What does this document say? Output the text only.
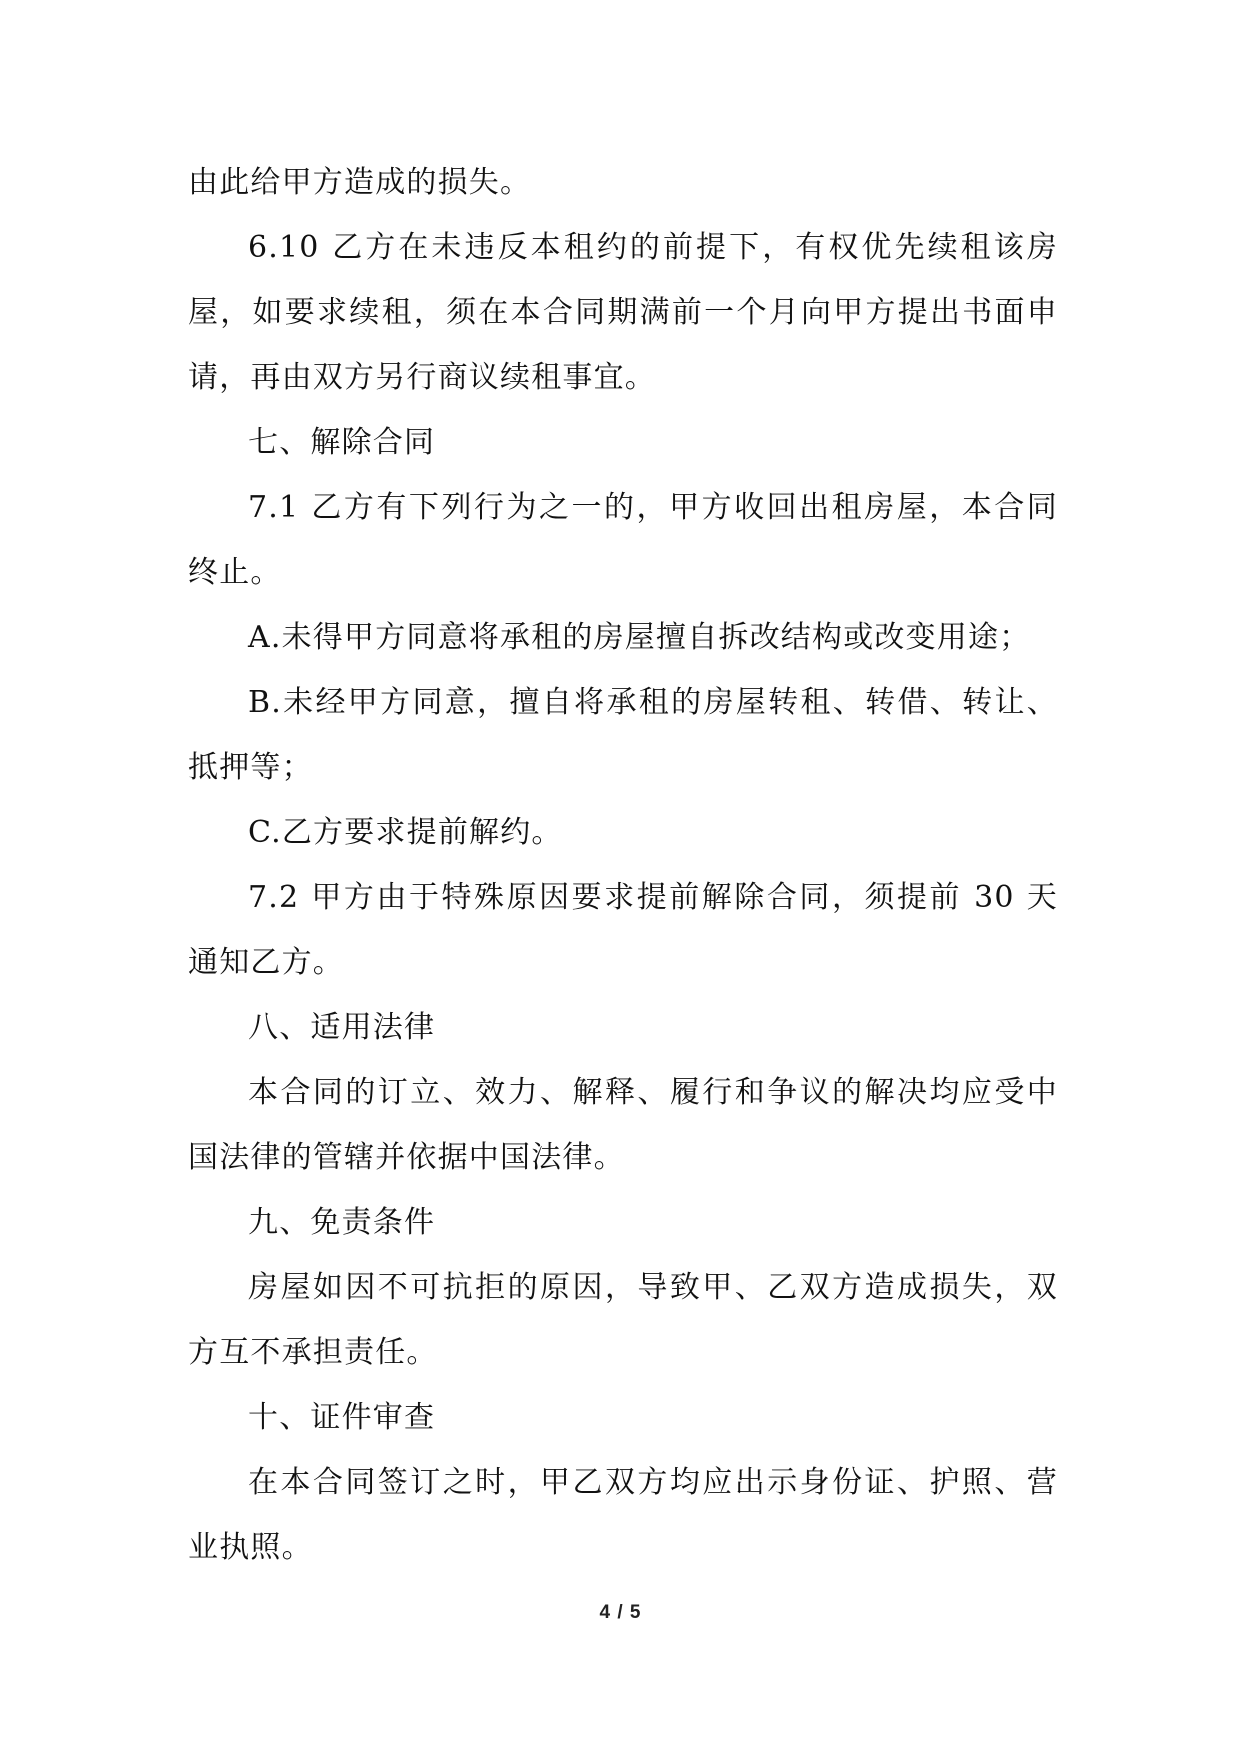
由此给甲方造成的损失。

6.10 乙方在未违反本租约的前提下，有权优先续租该房屋，如要求续租，须在本合同期满前一个月向甲方提出书面申请，再由双方另行商议续租事宜。

七、解除合同

7.1 乙方有下列行为之一的，甲方收回出租房屋，本合同终止。

A.未得甲方同意将承租的房屋擅自拆改结构或改变用途；

B.未经甲方同意，擅自将承租的房屋转租、转借、转让、抵押等；

C.乙方要求提前解约。

7.2 甲方由于特殊原因要求提前解除合同，须提前 30 天通知乙方。

八、适用法律

本合同的订立、效力、解释、履行和争议的解决均应受中国法律的管辖并依据中国法律。

九、免责条件

房屋如因不可抗拒的原因，导致甲、乙双方造成损失，双方互不承担责任。

十、证件审查

在本合同签订之时，甲乙双方均应出示身份证、护照、营业执照。

4 / 5
